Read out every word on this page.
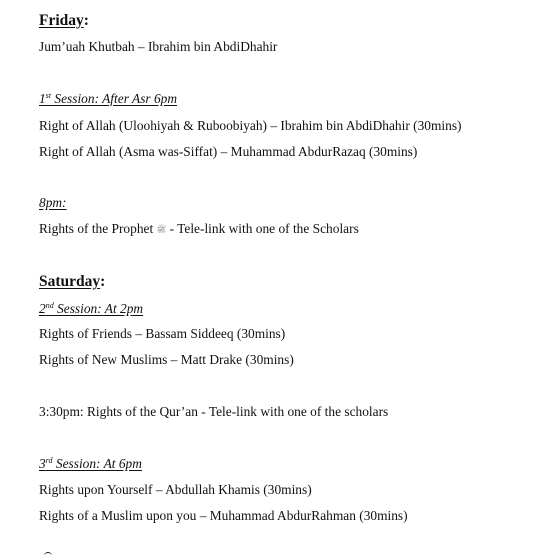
Friday:
Jum’uah Khutbah – Ibrahim bin AbdiDhahir
1st Session: After Asr 6pm
Right of Allah (Uloohiyah & Ruboobiyah) – Ibrahim bin AbdiDhahir (30mins)
Right of Allah (Asma was-Siffat) – Muhammad AbdurRazaq (30mins)
8pm:
Rights of the Prophet ﷺ - Tele-link with one of the Scholars
Saturday:
2nd Session: At 2pm
Rights of Friends – Bassam Siddeeq (30mins)
Rights of New Muslims – Matt Drake (30mins)
3:30pm: Rights of the Qur’an - Tele-link with one of the scholars
3rd Session: At 6pm
Rights upon Yourself – Abdullah Khamis (30mins)
Rights of a Muslim upon you – Muhammad AbdurRahman (30mins)
